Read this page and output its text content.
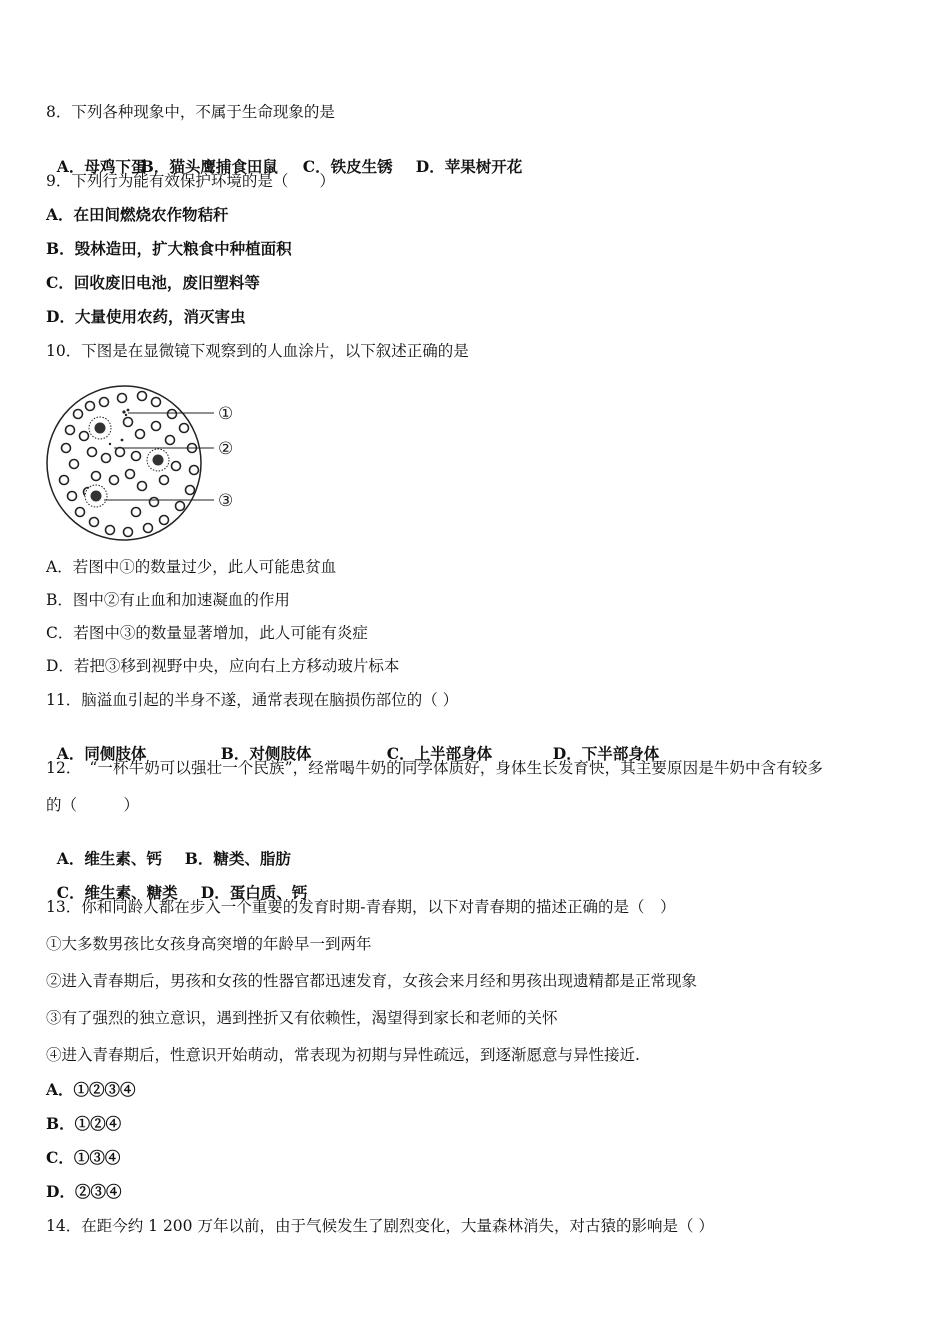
8．下列各种现象中，不属于生命现象的是

A．母鸡下蛋B．猫头鹰捕食田鼠 C．铁皮生锈 D．苹果树开花

9．下列行为能有效保护环境的是（　　）
A．在田间燃烧农作物秸秆
B．毁林造田，扩大粮食中种植面积
C．回收废旧电池，废旧塑料等
D．大量使用农药，消灭害虫
10．下图是在显微镜下观察到的人血涂片，以下叙述正确的是
①
②
③
A．若图中①的数量过少，此人可能患贫血
B．图中②有止血和加速凝血的作用
C．若图中③的数量显著增加，此人可能有炎症
D．若把③移到视野中央，应向右上方移动玻片标本
11．脑溢血引起的半身不遂，通常表现在脑损伤部位的（ ）

A．同侧肢体	B．对侧肢体	C．上半部身体	D．下半部身体

12．　“一杯牛奶可以强壮一个民族”，经常喝牛奶的同学体质好，身体生长发育快，其主要原因是牛奶中含有较多
的（　　　）

A．维生素、钙 B．糖类、脂肪

C．维生素、糖类 D．蛋白质、钙

13．你和同龄人都在步入一个重要的发育时期-青春期，以下对青春期的描述正确的是（　）
①大多数男孩比女孩身高突增的年龄早一到两年
②进入青春期后，男孩和女孩的性器官都迅速发育，女孩会来月经和男孩出现遗精都是正常现象
③有了强烈的独立意识，遇到挫折又有依赖性，渴望得到家长和老师的关怀
④进入青春期后，性意识开始萌动，常表现为初期与异性疏远，到逐渐愿意与异性接近.
A．①②③④
B．①②④
C．①③④
D．②③④
14．在距今约 1 200 万年以前，由于气候发生了剧烈变化，大量森林消失，对古猿的影响是（ ）
